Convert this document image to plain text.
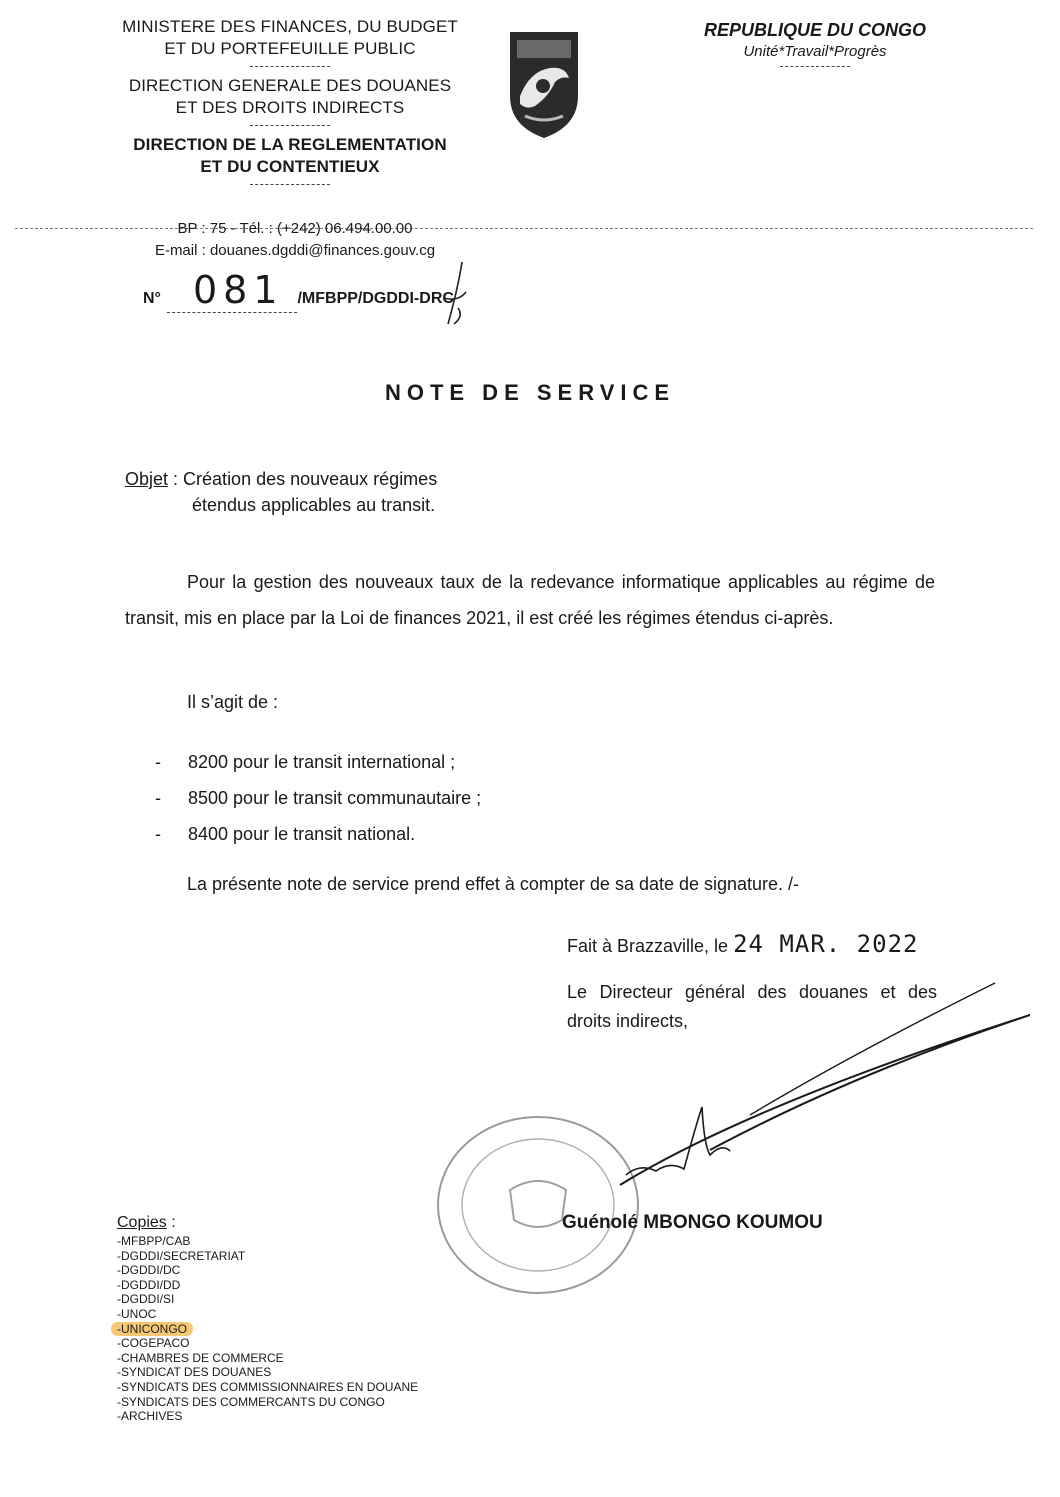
MINISTERE DES FINANCES, DU BUDGET
ET DU PORTEFEUILLE PUBLIC
DIRECTION GENERALE DES DOUANES
ET DES DROITS INDIRECTS
DIRECTION DE LA REGLEMENTATION
ET DU CONTENTIEUX
REPUBLIQUE DU CONGO
Unité*Travail*Progrès
BP : 75 - Tél. : (+242) 06.494.00.00
E-mail : douanes.dgddi@finances.gouv.cg
N° 081 /MFBPP/DGDDI-DRC
NOTE DE SERVICE
Objet : Création des nouveaux régimes
étendus applicables au transit.
Pour la gestion des nouveaux taux de la redevance informatique applicables au régime de transit, mis en place par la Loi de finances 2021, il est créé les régimes étendus ci-après.
Il s’agit de :
- 8200 pour le transit international ;
- 8500 pour le transit communautaire ;
- 8400 pour le transit national.
La présente note de service prend effet à compter de sa date de signature. /-
Fait à Brazzaville, le 24 MAR. 2022
Le Directeur général des douanes et des droits indirects,
Guénolé MBONGO KOUMOU
Copies :
-MFBPP/CAB
-DGDDI/SECRETARIAT
-DGDDI/DC
-DGDDI/DD
-DGDDI/SI
-UNOC
-UNICONGO
-COGEPACO
-CHAMBRES DE COMMERCE
-SYNDICAT DES DOUANES
-SYNDICATS DES COMMISSIONNAIRES EN DOUANE
-SYNDICATS DES COMMERCANTS DU CONGO
-ARCHIVES
